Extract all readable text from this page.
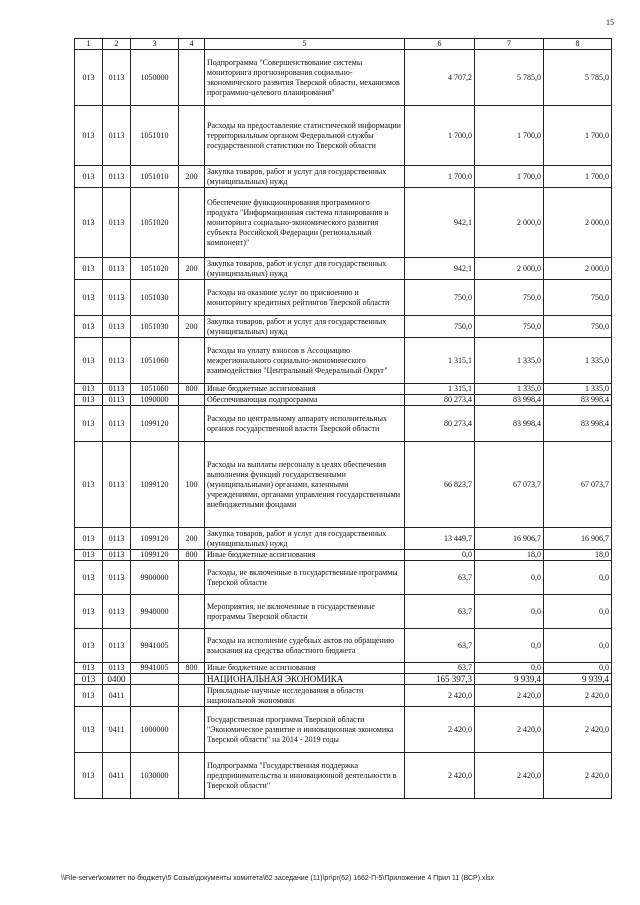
15
1	2	3	4	5	6	7	8
013	0113	1050000		Подпрограмма "Совершенствование системы мониторинга прогнозирования социально-экономического развития Тверской области, механизмов программно-целевого планирования"	4 707,2	5 785,0	5 785,0
013	0113	1051010		Расходы на предоставление статистической информации территориальным органом Федеральной службы государственной статистики по Тверской области	1 700,0	1 700,0	1 700,0
013	0113	1051010	200	Закупка товаров, работ и услуг для государственных (муниципальных) нужд	1 700,0	1 700,0	1 700,0
013	0113	1051020		Обеспечение функционирования программного продукта "Информационная система планирования и мониторинга социально-экономического развития субъекта Российской Федерации (региональный компонент)"	942,1	2 000,0	2 000,0
013	0113	1051020	200	Закупка товаров, работ и услуг для государственных (муниципальных) нужд	942,1	2 000,0	2 000,0
013	0113	1051030		Расходы на оказание услуг по присвоению и мониторингу кредитных рейтингов Тверской области	750,0	750,0	750,0
013	0113	1051030	200	Закупка товаров, работ и услуг для государственных (муниципальных) нужд	750,0	750,0	750,0
013	0113	1051060		Расходы на уплату взносов в Ассоциацию межрегионального социально-экономического взаимодействия "Центральный Федеральный Округ"	1 315,1	1 335,0	1 335,0
013	0113	1051060	800	Иные бюджетные ассигнования	1 315,1	1 335,0	1 335,0
013	0113	1090000		Обеспечивающая подпрограмма	80 273,4	83 998,4	83 998,4
013	0113	1099120		Расходы по центральному аппарату исполнительных органов государственной власти Тверской области	80 273,4	83 998,4	83 998,4
013	0113	1099120	100	Расходы на выплаты персоналу в целях обеспечения выполнения функций государственными (муниципальными) органами, казенными учреждениями, органами управления государственными внебюджетными фондами	66 823,7	67 073,7	67 073,7
013	0113	1099120	200	Закупка товаров, работ и услуг для государственных (муниципальных) нужд	13 449,7	16 906,7	16 906,7
013	0113	1099120	800	Иные бюджетные ассигнования	0,0	18,0	18,0
013	0113	9900000		Расходы, не включенные в государственные программы Тверской области	63,7	0,0	0,0
013	0113	9940000		Мероприятия, не включенные в государственные программы Тверской области	63,7	0,0	0,0
013	0113	9941005		Расходы на исполнение судебных актов по обращению взыскания на средства областного бюджета	63,7	0,0	0,0
013	0113	9941005	800	Иные бюджетные ассигнования	63,7	0,0	0,0
013	0400			НАЦИОНАЛЬНАЯ ЭКОНОМИКА	165 397,3	9 939,4	9 939,4
013	0411			Прикладные научные исследования в области национальной экономики	2 420,0	2 420,0	2 420,0
013	0411	1000000		Государственная программа Тверской области "Экономическое развитие и инновационная экономика Тверской области" на 2014 - 2019 годы	2 420,0	2 420,0	2 420,0
013	0411	1030000		Подпрограмма "Государственная поддержка предпринимательства и инновационной деятельности в Тверской области"	2 420,0	2 420,0	2 420,0
\\File-server\комитет по бюджету\5 Созыв\документы комитета\62 заседание (11)\pr\pr(62) 1662-П-5\Приложение 4 Прил 11 (ВСР).xlsx
